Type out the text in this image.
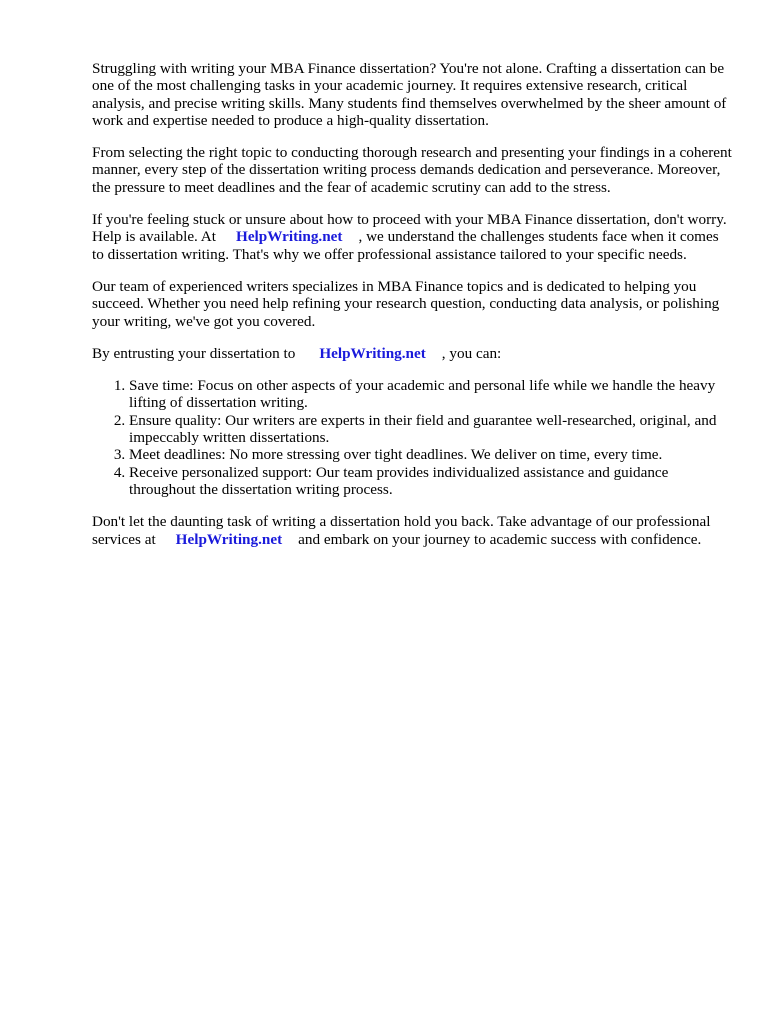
Struggling with writing your MBA Finance dissertation? You're not alone. Crafting a dissertation can be one of the most challenging tasks in your academic journey. It requires extensive research, critical analysis, and precise writing skills. Many students find themselves overwhelmed by the sheer amount of work and expertise needed to produce a high-quality dissertation.

From selecting the right topic to conducting thorough research and presenting your findings in a coherent manner, every step of the dissertation writing process demands dedication and perseverance. Moreover, the pressure to meet deadlines and the fear of academic scrutiny can add to the stress.

If you're feeling stuck or unsure about how to proceed with your MBA Finance dissertation, don't worry. Help is available. At HelpWriting.net , we understand the challenges students face when it comes to dissertation writing. That's why we offer professional assistance tailored to your specific needs.

Our team of experienced writers specializes in MBA Finance topics and is dedicated to helping you succeed. Whether you need help refining your research question, conducting data analysis, or polishing your writing, we've got you covered.

By entrusting your dissertation to HelpWriting.net , you can:

1. Save time: Focus on other aspects of your academic and personal life while we handle the heavy lifting of dissertation writing.
2. Ensure quality: Our writers are experts in their field and guarantee well-researched, original, and impeccably written dissertations.
3. Meet deadlines: No more stressing over tight deadlines. We deliver on time, every time.
4. Receive personalized support: Our team provides individualized assistance and guidance throughout the dissertation writing process.

Don't let the daunting task of writing a dissertation hold you back. Take advantage of our professional services at HelpWriting.net and embark on your journey to academic success with confidence.
